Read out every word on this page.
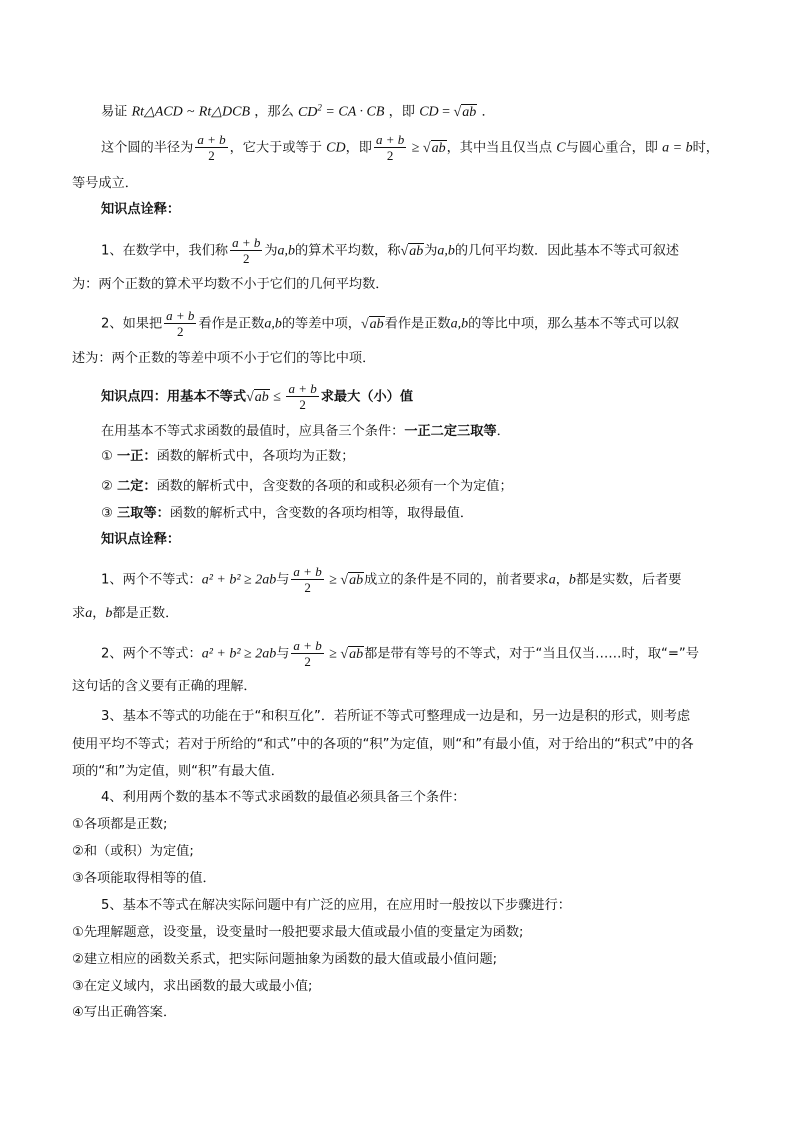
易证 Rt△ACD ~ Rt△DCB ，那么 $CD^2$ = CA · CB ，即 CD = √ab ．
这个圆的半径为 $\frac{a + b}{2}$ ，它大于或等于 CD，即 $\frac{a + b}{2} \ge √ab$，其中当且仅当点 C与圆心重合，即 a = b时，
等号成立．
知识点诠释：
1、在数学中，我们称 $\frac{a + b}{2}$ 为a,b的算术平均数，称√ab为a,b的几何平均数．因此基本不等式可叙述
为：两个正数的算术平均数不小于它们的几何平均数．
2、如果把 $\frac{a + b}{2}$ 看作是正数a,b的等差中项，√ab看作是正数a,b的等比中项，那么基本不等式可以叙
述为：两个正数的等差中项不小于它们的等比中项．
知识点四：用基本不等式$√ab \le \frac{a + b}{2}$ 求最大（小）值
在用基本不等式求函数的最值时，应具备三个条件：一正二定三取等．
① 一正：函数的解析式中，各项均为正数；
② 二定：函数的解析式中，含变数的各项的和或积必须有一个为定值；
③ 三取等：函数的解析式中，含变数的各项均相等，取得最值．
知识点诠释：
1、两个不等式：a² + b² ≥ 2ab与 $\frac{a + b}{2} \ge √ab$成立的条件是不同的，前者要求a，b都是实数，后者要
求a，b都是正数．
2、两个不等式：a² + b² ≥ 2ab与 $\frac{a + b}{2} \ge √ab$都是带有等号的不等式，对于“当且仅当……时，取“=”号
这句话的含义要有正确的理解．
3、基本不等式的功能在于“和积互化”．若所证不等式可整理成一边是和，另一边是积的形式，则考虑
使用平均不等式；若对于所给的“和式”中的各项的“积”为定值，则“和”有最小值，对于给出的“积式”中的各
项的“和”为定值，则“积”有最大值．
4、利用两个数的基本不等式求函数的最值必须具备三个条件：
①各项都是正数;
②和（或积）为定值;
③各项能取得相等的值．
5、基本不等式在解决实际问题中有广泛的应用，在应用时一般按以下步骤进行：
①先理解题意，设变量，设变量时一般把要求最大值或最小值的变量定为函数;
②建立相应的函数关系式，把实际问题抽象为函数的最大值或最小值问题;
③在定义域内，求出函数的最大或最小值;
④写出正确答案．
